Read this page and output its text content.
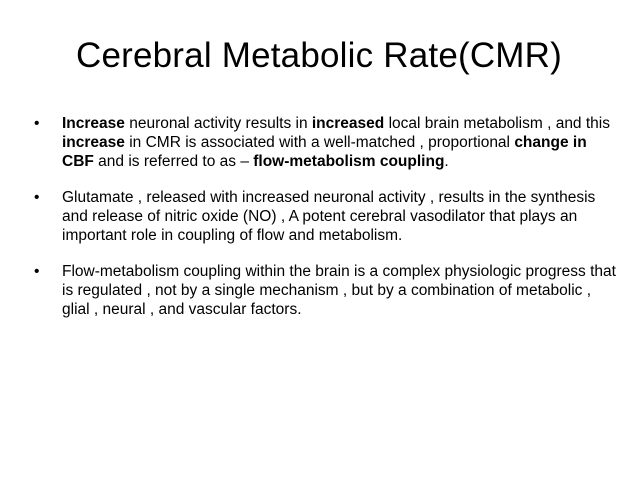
Cerebral Metabolic Rate(CMR)
•	Increase neuronal activity results in increased local brain metabolism , and this increase in CMR is associated with a well-matched , proportional change in CBF and is referred to as – flow-metabolism coupling.
•	Glutamate , released with increased neuronal activity , results in the synthesis and release of nitric oxide (NO) , A potent cerebral vasodilator that plays an important role in coupling of flow and metabolism.
•	Flow-metabolism coupling within the brain is a complex physiologic progress that is regulated , not by a single mechanism , but by a combination of metabolic , glial , neural , and vascular factors.
